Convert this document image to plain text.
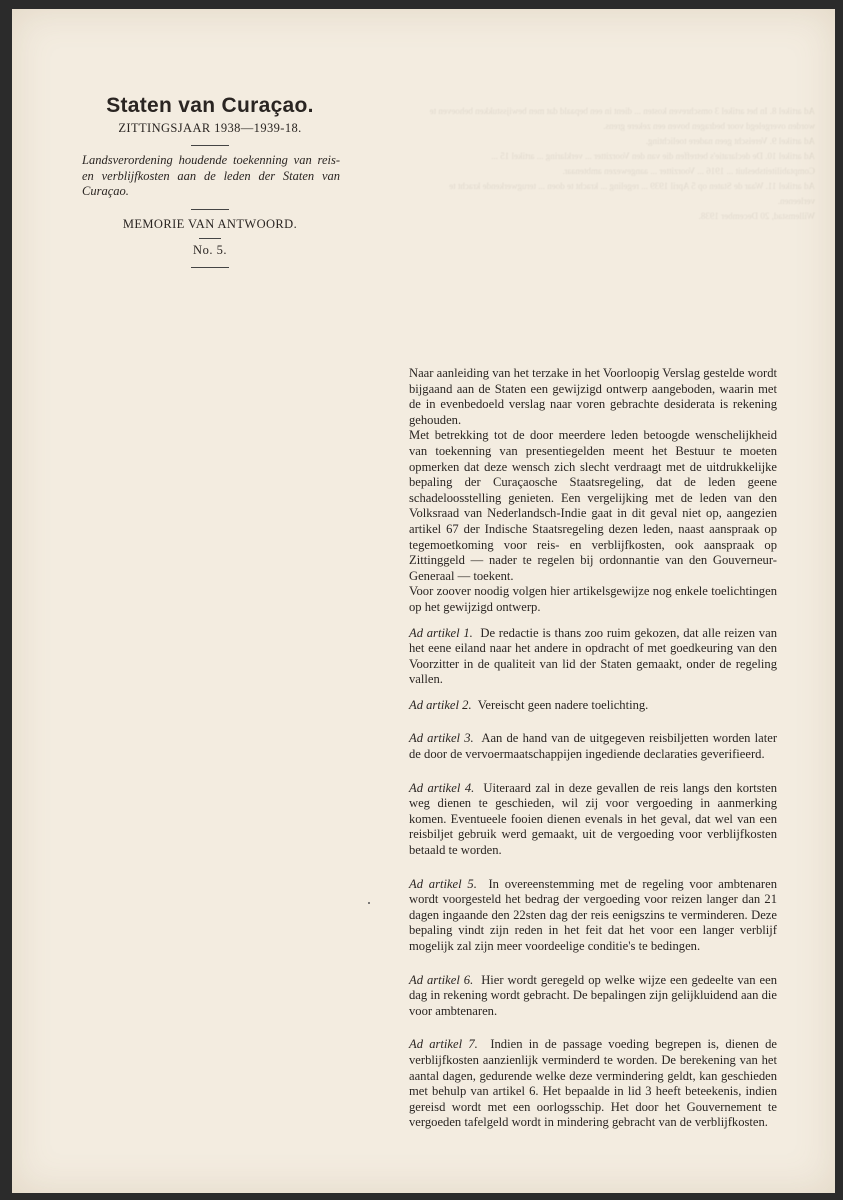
Ad artikel 8. In het artikel 3 omschreven kosten ... dient in een bepaald dat men bewijsstukken behoeven te worden overgelegd voor bedragen boven een zekere grens.
Ad artikel 9. Vereischt geen nadere toelichting.
Ad artikel 10. De declaratie's betreffen die van den Voorzitter ... verklaring ... artikel 15 ... Comptabiliteitsbesluit ... 1916 ... Voorzitter ... aangewezen ambtenaar.
Ad artikel 11. Waar de Staten op 5 April 1939 ... regeling ... kracht te doen ... terugwerkende kracht te verleenen.
Willemstad, 20 December 1938.
Staten van Curaçao.
ZITTINGSJAAR 1938—1939-18.
Landsverordening houdende toekenning van reis- en verblijfkosten aan de leden der Staten van Curaçao.
MEMORIE VAN ANTWOORD.
No. 5.

Naar aanleiding van het terzake in het Voorloopig Verslag gestelde wordt bijgaand aan de Staten een gewijzigd ontwerp aangeboden, waarin met de in evenbedoeld verslag naar voren gebrachte desiderata is rekening gehouden.

Met betrekking tot de door meerdere leden betoogde wenschelijkheid van toekenning van presentiegelden meent het Bestuur te moeten opmerken dat deze wensch zich slecht verdraagt met de uitdrukkelijke bepaling der Curaçaosche Staatsregeling, dat de leden geene schadeloosstelling genieten. Een vergelijking met de leden van den Volksraad van Nederlandsch-Indie gaat in dit geval niet op, aangezien artikel 67 der Indische Staatsregeling dezen leden, naast aanspraak op tegemoetkoming voor reis- en verblijfkosten, ook aanspraak op Zittinggeld — nader te regelen bij ordonnantie van den Gouverneur-Generaal — toekent.

Voor zoover noodig volgen hier artikelsgewijze nog enkele toelichtingen op het gewijzigd ontwerp.

Ad artikel 1. De redactie is thans zoo ruim gekozen, dat alle reizen van het eene eiland naar het andere in opdracht of met goedkeuring van den Voorzitter in de qualiteit van lid der Staten gemaakt, onder de regeling vallen.

Ad artikel 2. Vereischt geen nadere toelichting.

Ad artikel 3. Aan de hand van de uitgegeven reisbiljetten worden later de door de vervoermaatschappijen ingediende declaraties geverifieerd.

Ad artikel 4. Uiteraard zal in deze gevallen de reis langs den kortsten weg dienen te geschieden, wil zij voor vergoeding in aanmerking komen. Eventueele fooien dienen evenals in het geval, dat wel van een reisbiljet gebruik werd gemaakt, uit de vergoeding voor verblijfkosten betaald te worden.

Ad artikel 5. In overeenstemming met de regeling voor ambtenaren wordt voorgesteld het bedrag der vergoeding voor reizen langer dan 21 dagen ingaande den 22sten dag der reis eenigszins te verminderen. Deze bepaling vindt zijn reden in het feit dat het voor een langer verblijf mogelijk zal zijn meer voordeelige conditie's te bedingen.

Ad artikel 6. Hier wordt geregeld op welke wijze een gedeelte van een dag in rekening wordt gebracht. De bepalingen zijn gelijkluidend aan die voor ambtenaren.

Ad artikel 7. Indien in de passage voeding begrepen is, dienen de verblijfkosten aanzienlijk verminderd te worden. De berekening van het aantal dagen, gedurende welke deze vermindering geldt, kan geschieden met behulp van artikel 6. Het bepaalde in lid 3 heeft beteekenis, indien gereisd wordt met een oorlogsschip. Het door het Gouvernement te vergoeden tafelgeld wordt in mindering gebracht van de verblijfkosten.
